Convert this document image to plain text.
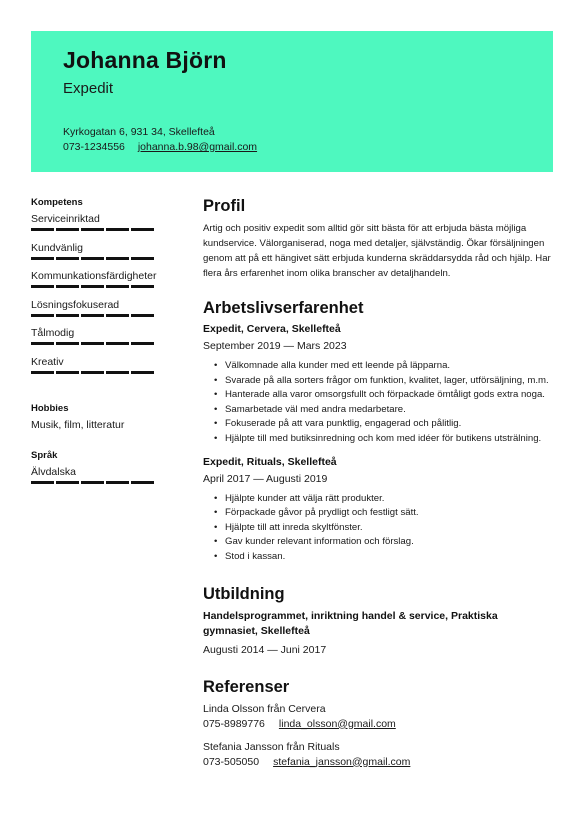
Johanna Björn
Expedit
Kyrkogatan 6, 931 34, Skellefteå
073-1234556 johanna.b.98@gmail.com
Kompetens
Serviceinriktad
Kundvänlig
Kommunkationsfärdigheter
Lösningsfokuserad
Tålmodig
Kreativ
Hobbies
Musik, film, litteratur
Språk
Älvdalska
Profil

Artig och positiv expedit som alltid gör sitt bästa för att erbjuda bästa möjliga kundservice. Välorganiserad, noga med detaljer, självständig. Ökar försäljningen genom att på ett hängivet sätt erbjuda kunderna skräddarsydda råd och hjälp. Har flera års erfarenhet inom olika branscher av detaljhandeln.

Arbetslivserfarenhet
Expedit, Cervera, Skellefteå
September 2019 — Mars 2023
• Välkomnade alla kunder med ett leende på läpparna.
• Svarade på alla sorters frågor om funktion, kvalitet, lager, utförsäljning, m.m.
• Hanterade alla varor omsorgsfullt och förpackade ömtåligt gods extra noga.
• Samarbetade väl med andra medarbetare.
• Fokuserade på att vara punktlig, engagerad och pålitlig.
• Hjälpte till med butiksinredning och kom med idéer för butikens utsträlning.
Expedit, Rituals, Skellefteå
April 2017 — Augusti 2019
• Hjälpte kunder att välja rätt produkter.
• Förpackade gåvor på prydligt och festligt sätt.
• Hjälpte till att inreda skyltfönster.
• Gav kunder relevant information och förslag.
• Stod i kassan.
Utbildning
Handelsprogrammet, inriktning handel & service, Praktiska gymnasiet, Skellefteå
Augusti 2014 — Juni 2017
Referenser
Linda Olsson från Cervera
075-8989776 linda_olsson@gmail.com
Stefania Jansson från Rituals
073-505050 stefania_jansson@gmail.com
